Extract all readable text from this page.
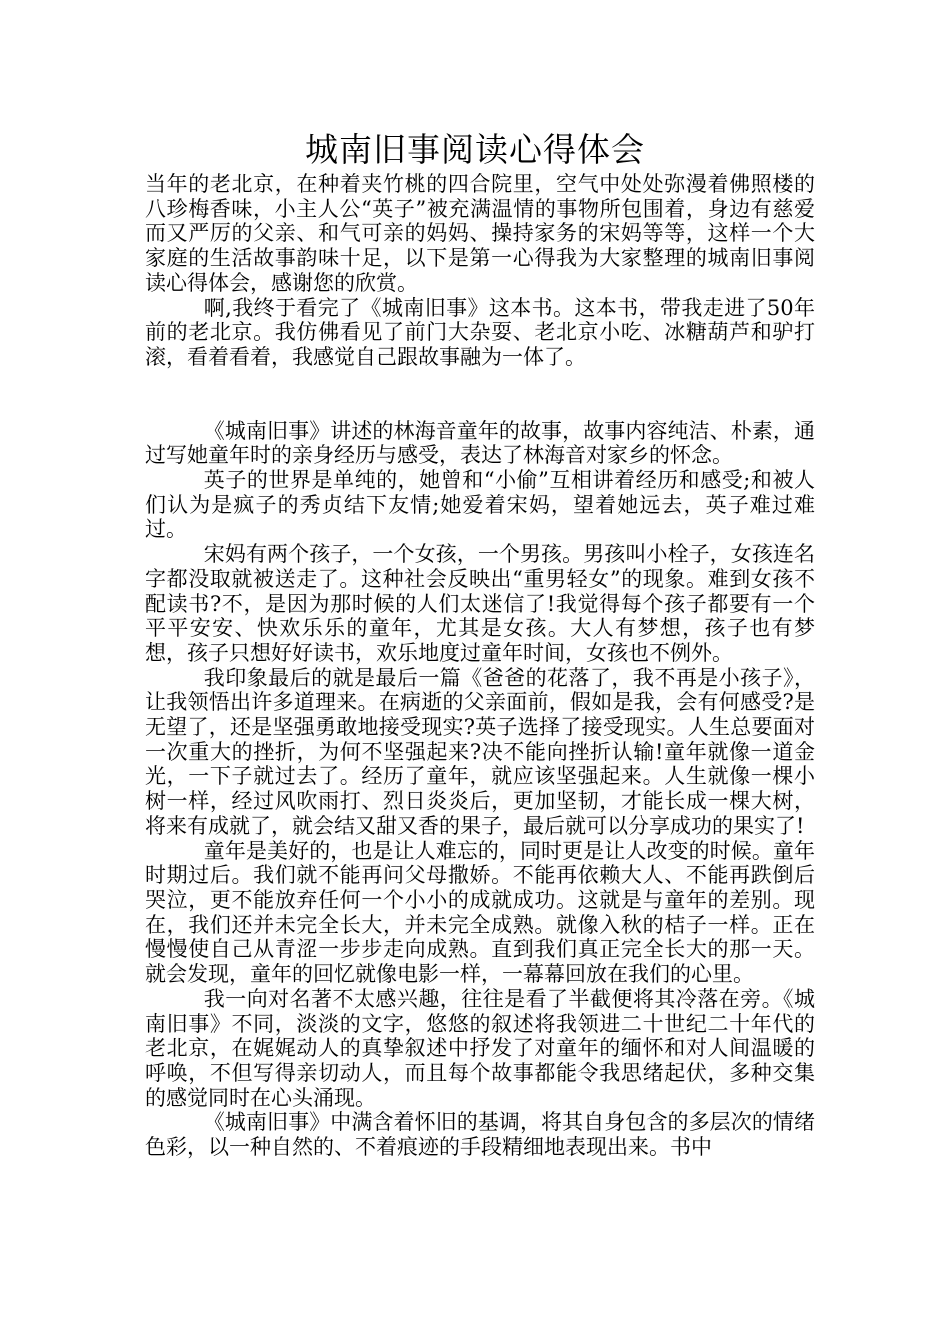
城南旧事阅读心得体会

当年的老北京，在种着夹竹桃的四合院里，空气中处处弥漫着佛照楼的八珍梅香味，小主人公“英子”被充满温情的事物所包围着，身边有慈爱而又严厉的父亲、和气可亲的妈妈、操持家务的宋妈等等，这样一个大家庭的生活故事韵味十足，以下是第一心得我为大家整理的城南旧事阅读心得体会，感谢您的欣赏。

啊,我终于看完了《城南旧事》这本书。这本书，带我走进了50年前的老北京。我仿佛看见了前门大杂耍、老北京小吃、冰糖葫芦和驴打滚，看着看着，我感觉自己跟故事融为一体了。

《城南旧事》讲述的林海音童年的故事，故事内容纯洁、朴素，通过写她童年时的亲身经历与感受，表达了林海音对家乡的怀念。

英子的世界是单纯的，她曾和“小偷”互相讲着经历和感受;和被人们认为是疯子的秀贞结下友情;她爱着宋妈，望着她远去，英子难过难过。

宋妈有两个孩子，一个女孩，一个男孩。男孩叫小栓子，女孩连名字都没取就被送走了。这种社会反映出“重男轻女”的现象。难到女孩不配读书?不，是因为那时候的人们太迷信了!我觉得每个孩子都要有一个平平安安、快欢乐乐的童年，尤其是女孩。大人有梦想，孩子也有梦想，孩子只想好好读书，欢乐地度过童年时间，女孩也不例外。

我印象最后的就是最后一篇《爸爸的花落了，我不再是小孩子》，让我领悟出许多道理来。在病逝的父亲面前，假如是我，会有何感受?是无望了，还是坚强勇敢地接受现实?英子选择了接受现实。人生总要面对一次重大的挫折，为何不坚强起来?决不能向挫折认输!童年就像一道金光，一下子就过去了。经历了童年，就应该坚强起来。人生就像一棵小树一样，经过风吹雨打、烈日炎炎后，更加坚韧，才能长成一棵大树，将来有成就了，就会结又甜又香的果子，最后就可以分享成功的果实了!

童年是美好的，也是让人难忘的，同时更是让人改变的时候。童年时期过后。我们就不能再问父母撒娇。不能再依赖大人、不能再跌倒后哭泣，更不能放弃任何一个小小的成就成功。这就是与童年的差别。现在，我们还并未完全长大，并未完全成熟。就像入秋的桔子一样。正在慢慢使自己从青涩一步步走向成熟。直到我们真正完全长大的那一天。就会发现，童年的回忆就像电影一样，一幕幕回放在我们的心里。

我一向对名著不太感兴趣，往往是看了半截便将其冷落在旁。《城南旧事》不同，淡淡的文字，悠悠的叙述将我领进二十世纪二十年代的老北京，在娓娓动人的真挚叙述中抒发了对童年的缅怀和对人间温暖的呼唤，不但写得亲切动人，而且每个故事都能令我思绪起伏，多种交集的感觉同时在心头涌现。

《城南旧事》中满含着怀旧的基调，将其自身包含的多层次的情绪色彩，以一种自然的、不着痕迹的手段精细地表现出来。书中
